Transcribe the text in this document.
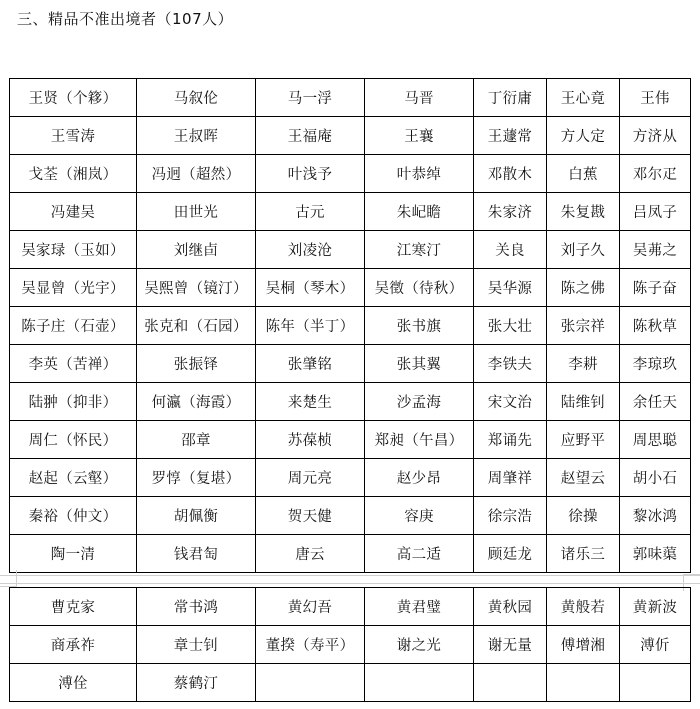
三、精品不准出境者（107人）
王贤（个簃）	马叙伦	马一浮	马晋	丁衍庸	王心竟	王伟
王雪涛	王叔晖	王福庵	王襄	王蘧常	方人定	方济从
戈荃（湘岚）	冯迥（超然）	叶浅予	叶恭绰	邓散木	白蕉	邓尔疋
冯建吴	田世光	古元	朱屺瞻	朱家济	朱复戡	吕凤子
吴家琭（玉如）	刘继卣	刘凌沧	江寒汀	关良	刘子久	吴茀之
吴显曾（光宇）	吴熙曾（镜汀）	吴桐（琴木）	吴徵（待秋）	吴华源	陈之佛	陈子奋
陈子庄（石壶）	张克和（石园）	陈年（半丁）	张书旗	张大壮	张宗祥	陈秋草
李英（苦禅）	张振铎	张肇铭	张其翼	李铁夫	李耕	李琼玖
陆翀（抑非）	何瀛（海霞）	来楚生	沙孟海	宋文治	陆维钊	余任天
周仁（怀民）	邵章	苏葆桢	郑昶（午昌）	郑诵先	应野平	周思聪
赵起（云壑）	罗惇（复堪）	周元亮	赵少昂	周肇祥	赵望云	胡小石
秦裕（仲文）	胡佩衡	贺天健	容庚	徐宗浩	徐操	黎冰鸿
陶一清	钱君匋	唐云	高二适	顾廷龙	诸乐三	郭味蕖
曹克家	常书鸿	黄幻吾	黄君璧	黄秋园	黄般若	黄新波
商承祚	章士钊	董揆（寿平）	谢之光	谢无量	傅增湘	溥伒
溥佺	蔡鹤汀					
